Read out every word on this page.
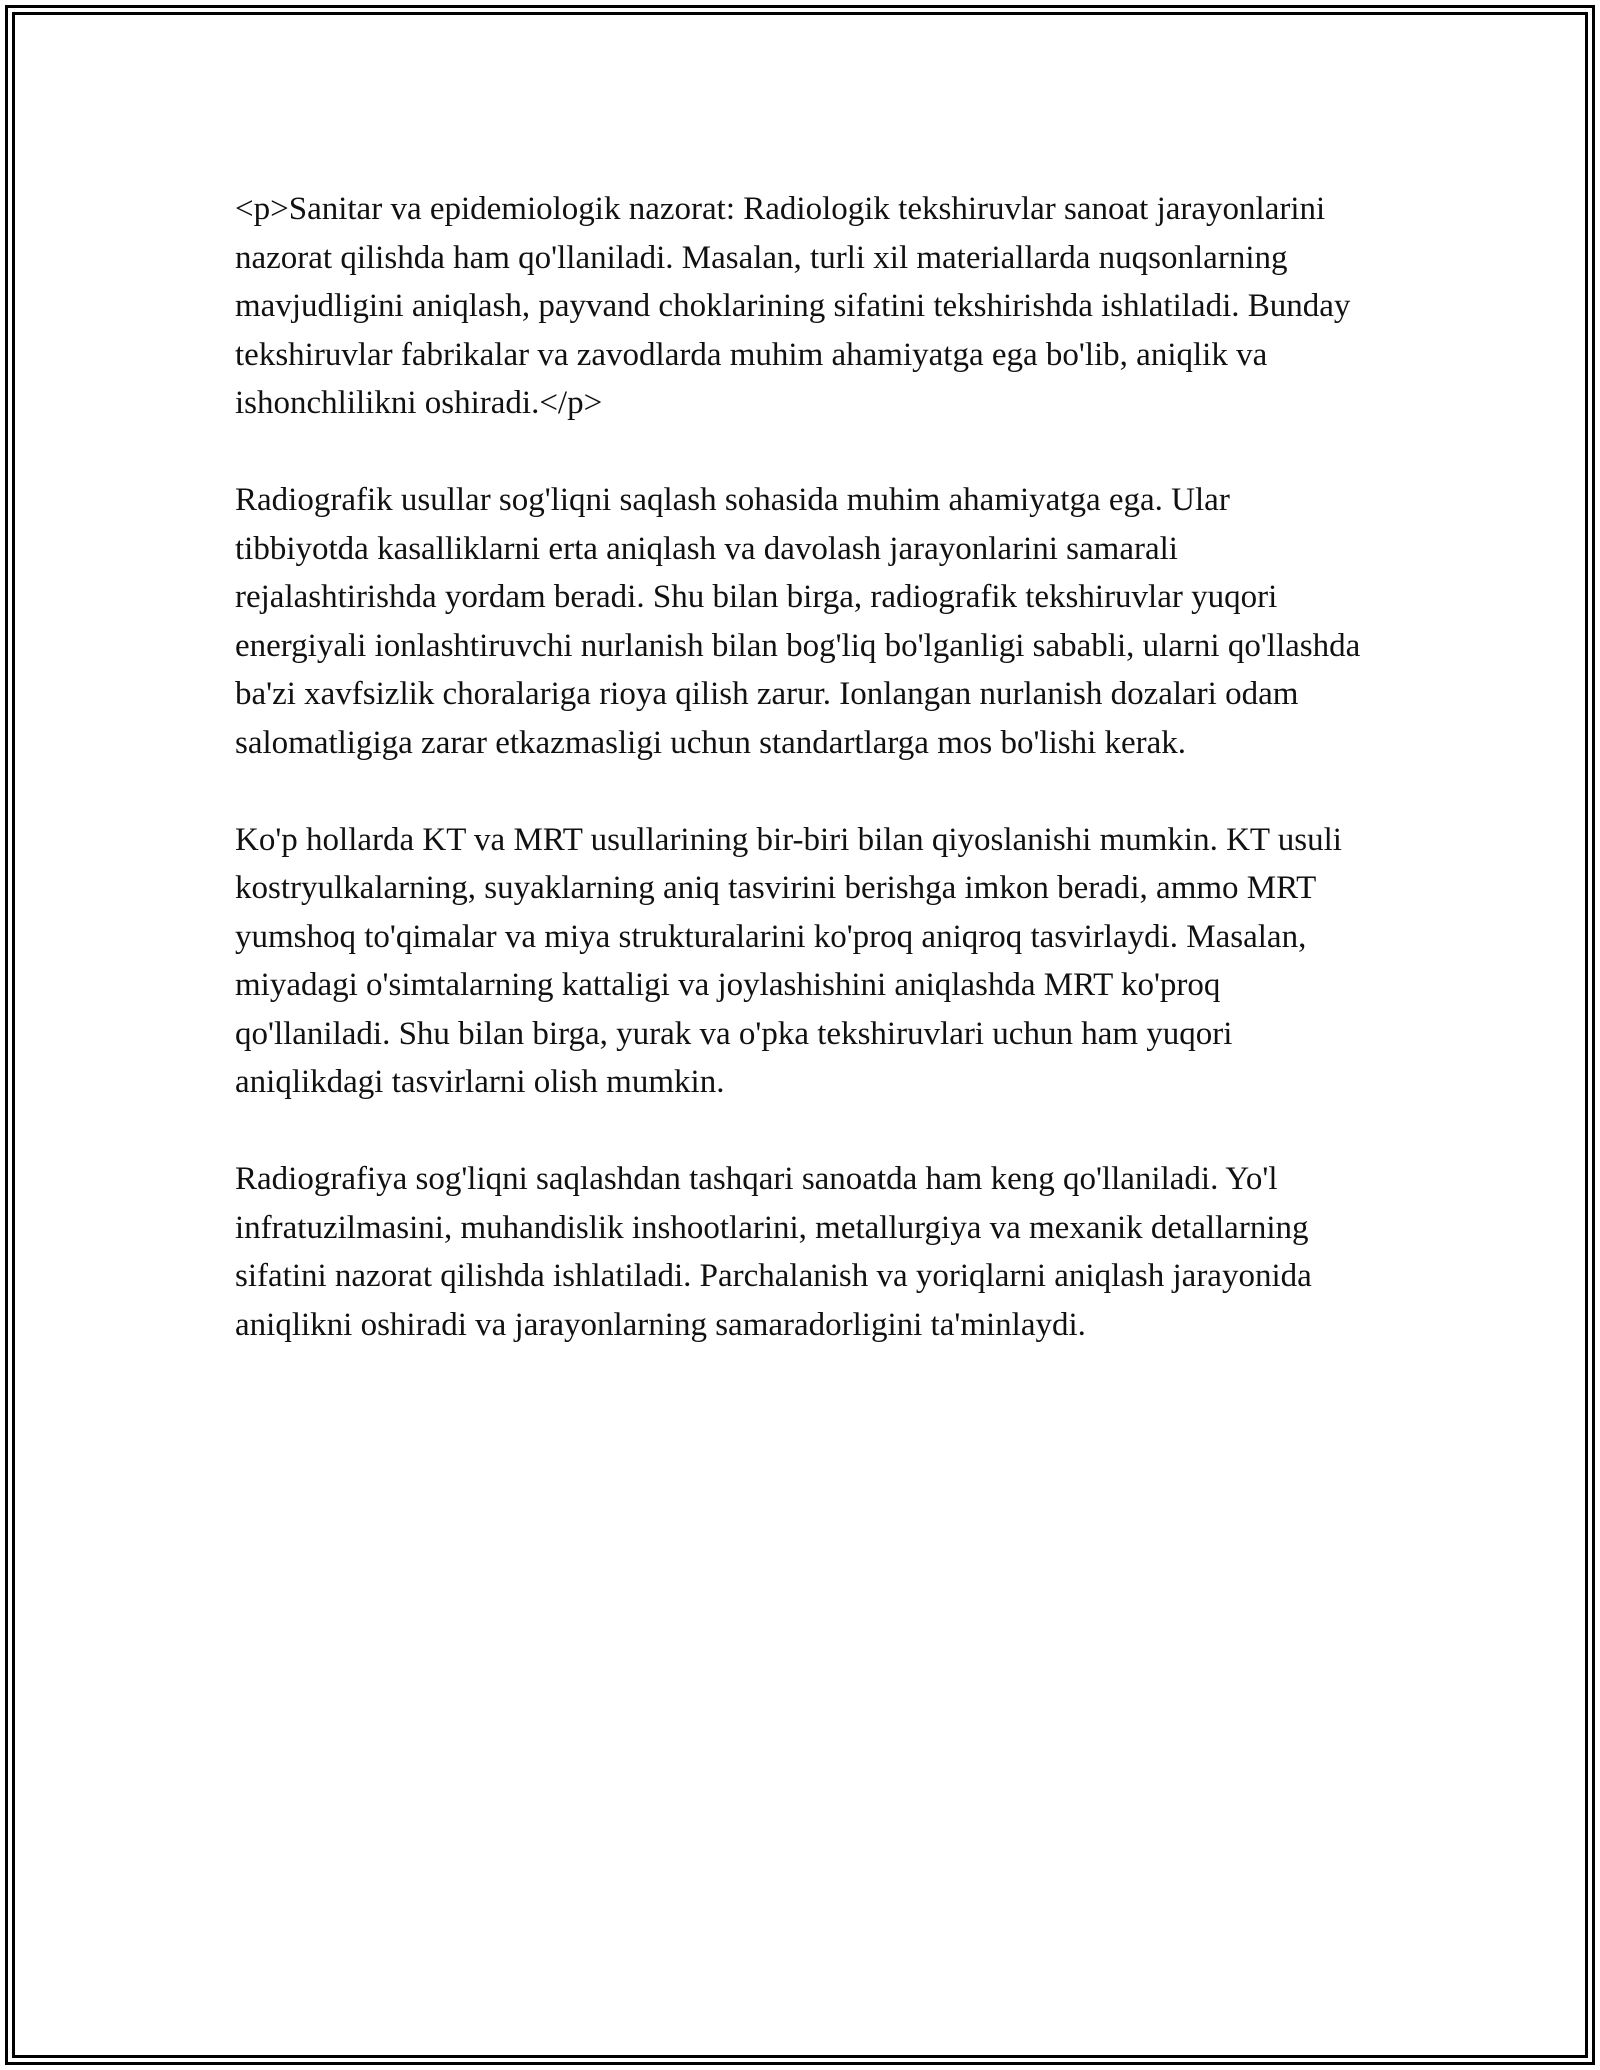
<p>Sanitar va epidemiologik nazorat: Radiologik tekshiruvlar sanoat jarayonlarini nazorat qilishda ham qo'llaniladi. Masalan, turli xil materiallarda nuqsonlarning mavjudligini aniqlash, payvand choklarining sifatini tekshirishda ishlatiladi. Bunday tekshiruvlar fabrikalar va zavodlarda muhim ahamiyatga ega bo'lib, aniqlik va ishonchlilikni oshiradi.</p>

Radiografik usullar sog'liqni saqlash sohasida muhim ahamiyatga ega. Ular tibbiyotda kasalliklarni erta aniqlash va davolash jarayonlarini samarali rejalashtirishda yordam beradi. Shu bilan birga, radiografik tekshiruvlar yuqori energiyali ionlashtiruvchi nurlanish bilan bog'liq bo'lganligi sababli, ularni qo'llashda ba'zi xavfsizlik choralariga rioya qilish zarur. Ionlangan nurlanish dozalari odam salomatligiga zarar etkazmasligi uchun standartlarga mos bo'lishi kerak.

Ko'p hollarda KT va MRT usullarining bir-biri bilan qiyoslanishi mumkin. KT usuli kostryulkalarning, suyaklarning aniq tasvirini berishga imkon beradi, ammo MRT yumshoq to'qimalar va miya strukturalarini ko'proq aniqroq tasvirlaydi. Masalan, miyadagi o'simtalarning kattaligi va joylashishini aniqlashda MRT ko'proq qo'llaniladi. Shu bilan birga, yurak va o'pka tekshiruvlari uchun ham yuqori aniqlikdagi tasvirlarni olish mumkin.

Radiografiya sog'liqni saqlashdan tashqari sanoatda ham keng qo'llaniladi. Yo'l infratuzilmasini, muhandislik inshootlarini, metallurgiya va mexanik detallarning sifatini nazorat qilishda ishlatiladi. Parchalanish va yoriqlarni aniqlash jarayonida aniqlikni oshiradi va jarayonlarning samaradorligini ta'minlaydi.
